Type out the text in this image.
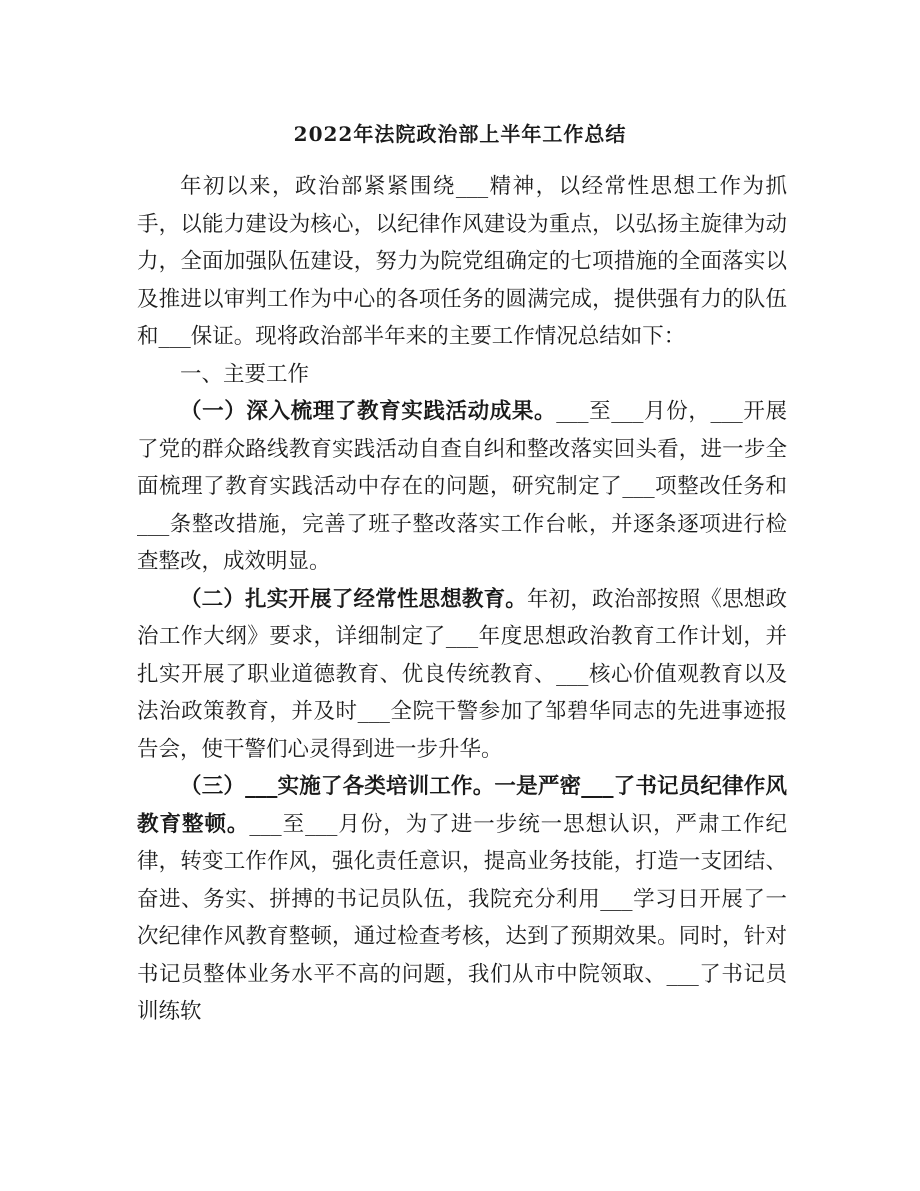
2022年法院政治部上半年工作总结

年初以来，政治部紧紧围绕___精神，以经常性思想工作为抓手，以能力建设为核心，以纪律作风建设为重点，以弘扬主旋律为动力，全面加强队伍建设，努力为院党组确定的七项措施的全面落实以及推进以审判工作为中心的各项任务的圆满完成，提供强有力的队伍和___保证。现将政治部半年来的主要工作情况总结如下：

一、主要工作

（一）深入梳理了教育实践活动成果。___至___月份，___开展了党的群众路线教育实践活动自查自纠和整改落实回头看，进一步全面梳理了教育实践活动中存在的问题，研究制定了___项整改任务和___条整改措施，完善了班子整改落实工作台帐，并逐条逐项进行检查整改，成效明显。

（二）扎实开展了经常性思想教育。年初，政治部按照《思想政治工作大纲》要求，详细制定了___年度思想政治教育工作计划，并扎实开展了职业道德教育、优良传统教育、___核心价值观教育以及法治政策教育，并及时___全院干警参加了邹碧华同志的先进事迹报告会，使干警们心灵得到进一步升华。

（三）___实施了各类培训工作。一是严密___了书记员纪律作风教育整顿。___至___月份，为了进一步统一思想认识，严肃工作纪律，转变工作作风，强化责任意识，提高业务技能，打造一支团结、奋进、务实、拼搏的书记员队伍，我院充分利用___学习日开展了一次纪律作风教育整顿，通过检查考核，达到了预期效果。同时，针对书记员整体业务水平不高的问题，我们从市中院领取、___了书记员训练软
